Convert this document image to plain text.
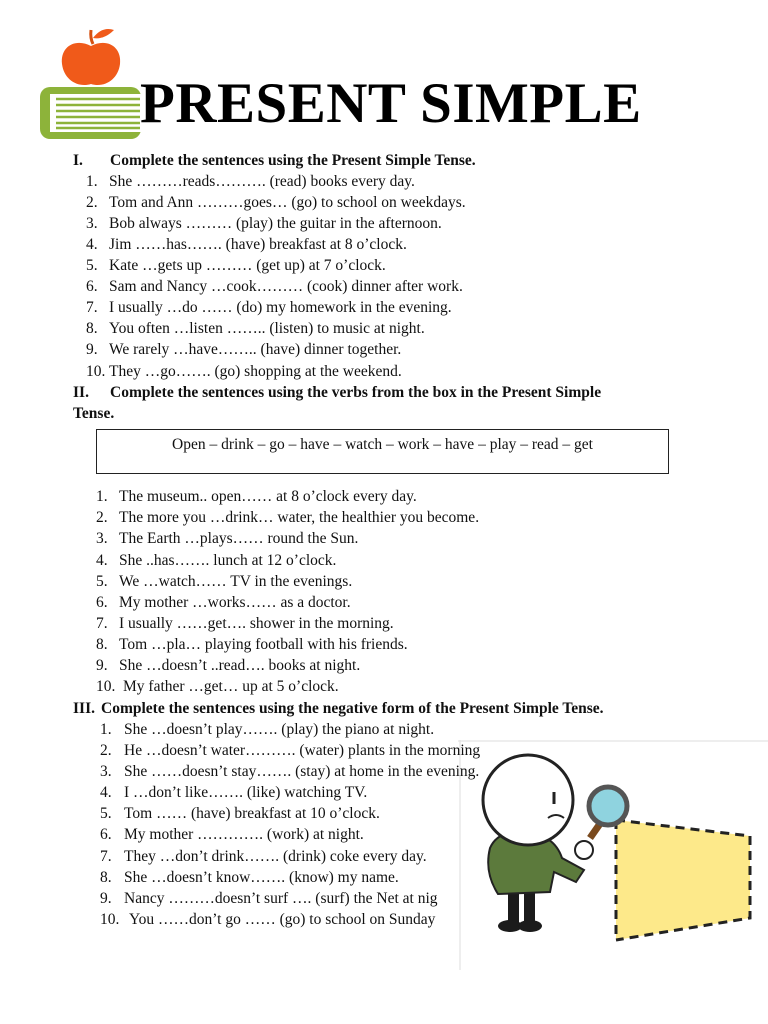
PRESENT SIMPLE
I. Complete the sentences using the Present Simple Tense.
1. She ………reads………. (read) books every day.
2. Tom and Ann ………goes… (go) to school on weekdays.
3. Bob always ……… (play) the guitar in the afternoon.
4. Jim ……has……. (have) breakfast at 8 o’clock.
5. Kate …gets up ……… (get up) at 7 o’clock.
6. Sam and Nancy …cook……… (cook) dinner after work.
7. I usually …do …… (do) my homework in the evening.
8. You often …listen …….. (listen) to music at night.
9. We rarely …have…….. (have) dinner together.
10. They …go……. (go) shopping at the weekend.
II. Complete the sentences using the verbs from the box in the Present Simple
Tense.
Open – drink – go – have – watch – work – have – play – read – get
1. The museum.. open…… at 8 o’clock every day.
2. The more you …drink… water, the healthier you become.
3. The Earth …plays…… round the Sun.
4. She ..has……. lunch at 12 o’clock.
5. We …watch…… TV in the evenings.
6. My mother …works…… as a doctor.
7. I usually ……get…. shower in the morning.
8. Tom …pla… playing football with his friends.
9. She …doesn’t ..read…. books at night.
10. My father …get… up at 5 o’clock.
III. Complete the sentences using the negative form of the Present Simple Tense.
1. She …doesn’t play……. (play) the piano at night.
2. He …doesn’t water………. (water) plants in the morning
3. She ……doesn’t stay……. (stay) at home in the evening.
4. I …don’t like……. (like) watching TV.
5. Tom …… (have) breakfast at 10 o’clock.
6. My mother …………. (work) at night.
7. They …don’t drink……. (drink) coke every day.
8. She …doesn’t know……. (know) my name.
9. Nancy ………doesn’t surf …. (surf) the Net at nig
10. You ……don’t go …… (go) to school on Sunday
